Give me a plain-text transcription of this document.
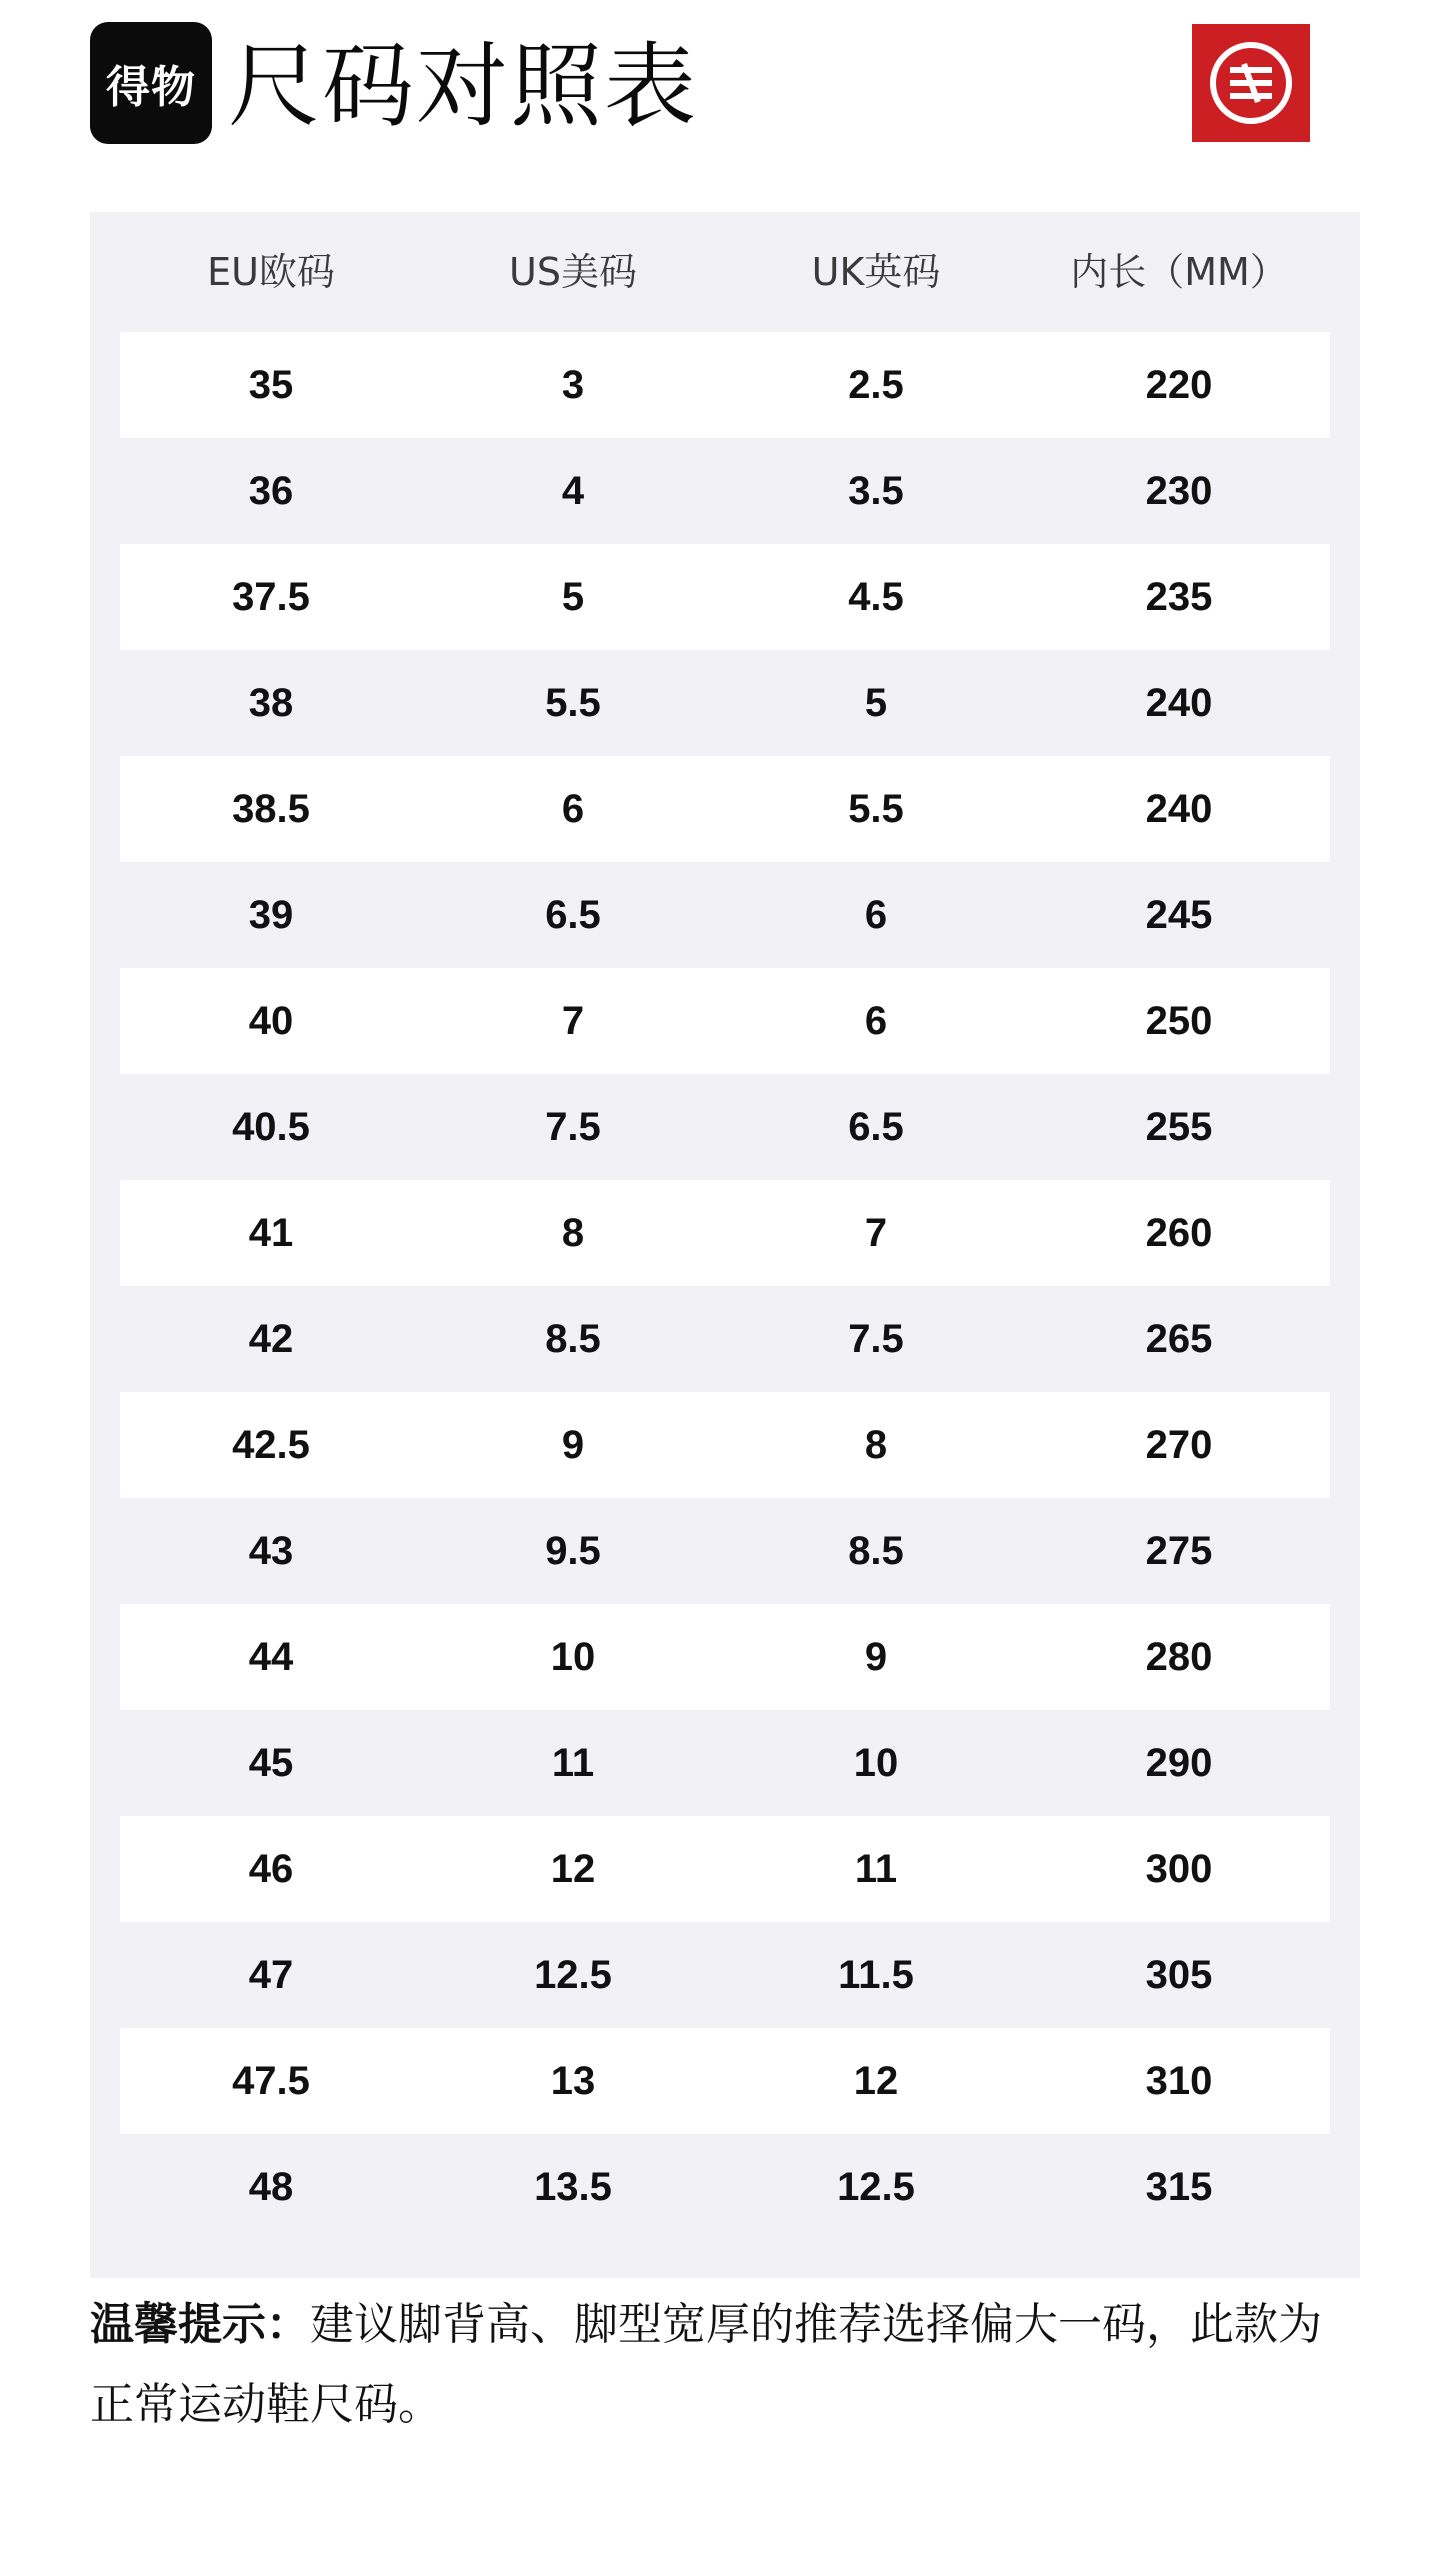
得物 尺码对照表
EU欧码	US美码	UK英码	内长（MM）
35	3	2.5	220
36	4	3.5	230
37.5	5	4.5	235
38	5.5	5	240
38.5	6	5.5	240
39	6.5	6	245
40	7	6	250
40.5	7.5	6.5	255
41	8	7	260
42	8.5	7.5	265
42.5	9	8	270
43	9.5	8.5	275
44	10	9	280
45	11	10	290
46	12	11	300
47	12.5	11.5	305
47.5	13	12	310
48	13.5	12.5	315
温馨提示：建议脚背高、脚型宽厚的推荐选择偏大一码，此款为正常运动鞋尺码。
